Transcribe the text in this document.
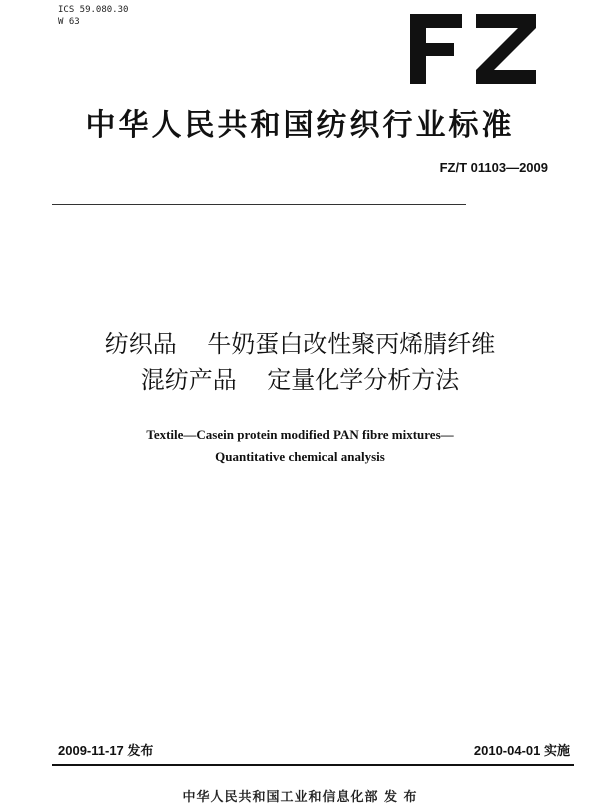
ICS 59.080.30
W 63
中华人民共和国纺织行业标准
FZ/T 01103—2009
纺织品    牛奶蛋白改性聚丙烯腈纤维
混纺产品    定量化学分析方法
Textile—Casein protein modified PAN fibre mixtures—
Quantitative chemical analysis
2009-11-17 发布	2010-04-01 实施
中华人民共和国工业和信息化部 发 布
